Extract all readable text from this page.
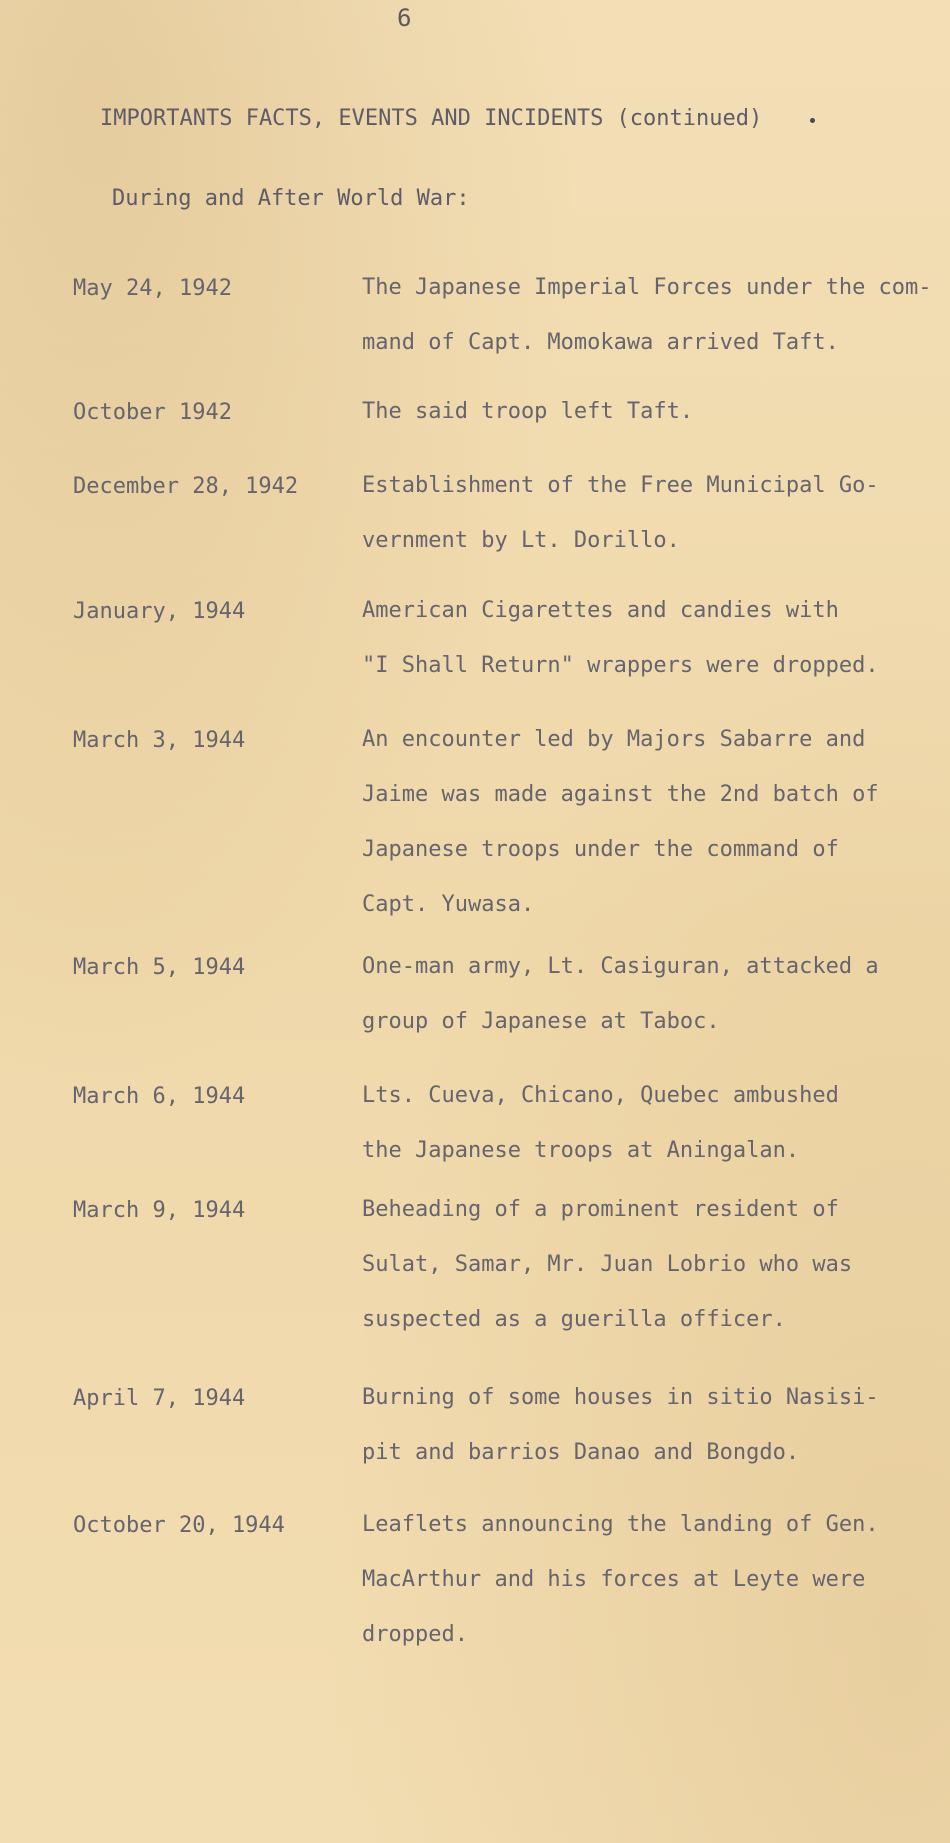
6
IMPORTANTS FACTS, EVENTS AND INCIDENTS (continued)
During and After World War:
May 24, 1942	The Japanese Imperial Forces under the com-
mand of Capt. Momokawa arrived Taft.
October 1942	The said troop left Taft.
December 28, 1942	Establishment of the Free Municipal Go-
vernment by Lt. Dorillo.
January, 1944	American Cigarettes and candies with
"I Shall Return" wrappers were dropped.
March 3, 1944	An encounter led by Majors Sabarre and
Jaime was made against the 2nd batch of
Japanese troops under the command of
Capt. Yuwasa.
March 5, 1944	One-man army, Lt. Casiguran, attacked a
group of Japanese at Taboc.
March 6, 1944	Lts. Cueva, Chicano, Quebec ambushed
the Japanese troops at Aningalan.
March 9, 1944	Beheading of a prominent resident of
Sulat, Samar, Mr. Juan Lobrio who was
suspected as a guerilla officer.
April 7, 1944	Burning of some houses in sitio Nasisi-
pit and barrios Danao and Bongdo.
October 20, 1944	Leaflets announcing the landing of Gen.
MacArthur and his forces at Leyte were
dropped.
